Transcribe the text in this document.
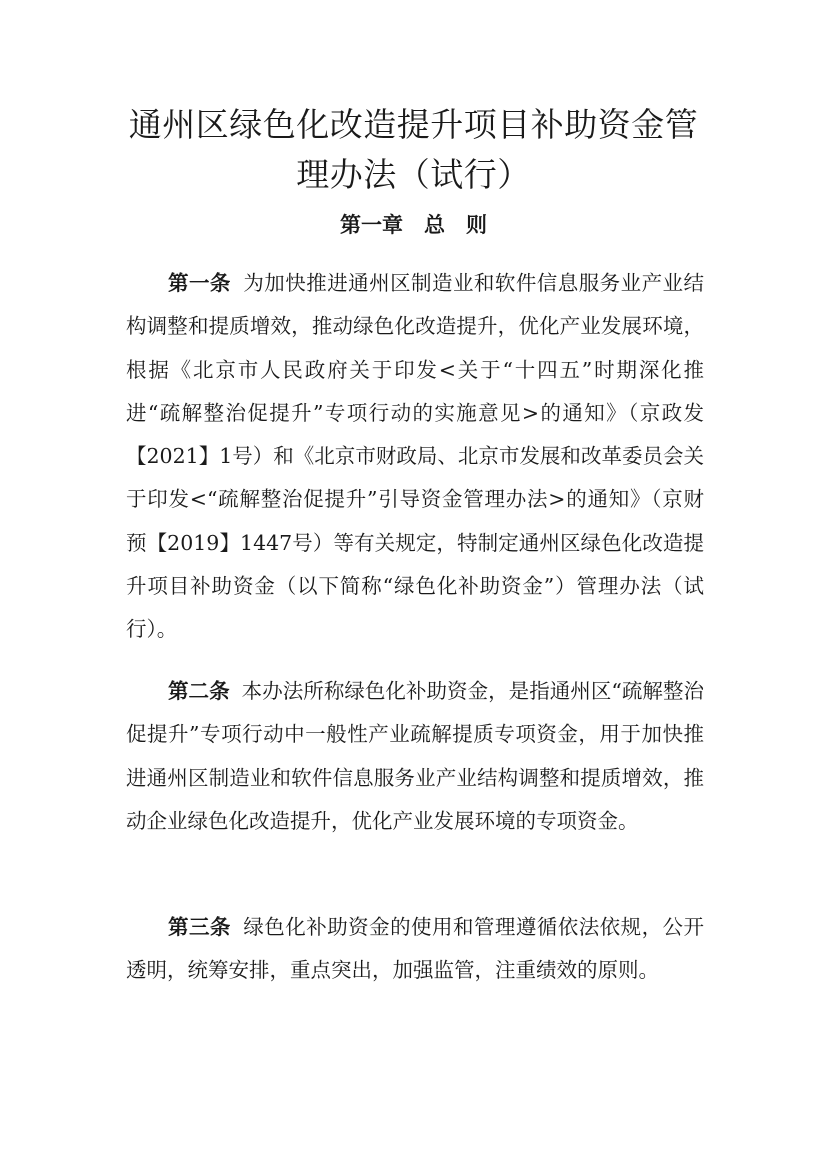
通州区绿色化改造提升项目补助资金管理办法（试行）
第一章　总　则

第一条 为加快推进通州区制造业和软件信息服务业产业结构调整和提质增效，推动绿色化改造提升，优化产业发展环境，根据《北京市人民政府关于印发<关于“十四五”时期深化推进“疏解整治促提升”专项行动的实施意见>的通知》（京政发【2021】1号）和《北京市财政局、北京市发展和改革委员会关于印发<“疏解整治促提升”引导资金管理办法>的通知》（京财预【2019】1447号）等有关规定，特制定通州区绿色化改造提升项目补助资金（以下简称“绿色化补助资金”）管理办法（试行）。

第二条 本办法所称绿色化补助资金，是指通州区“疏解整治促提升”专项行动中一般性产业疏解提质专项资金，用于加快推进通州区制造业和软件信息服务业产业结构调整和提质增效，推动企业绿色化改造提升，优化产业发展环境的专项资金。

第三条 绿色化补助资金的使用和管理遵循依法依规，公开透明，统筹安排，重点突出，加强监管，注重绩效的原则。
